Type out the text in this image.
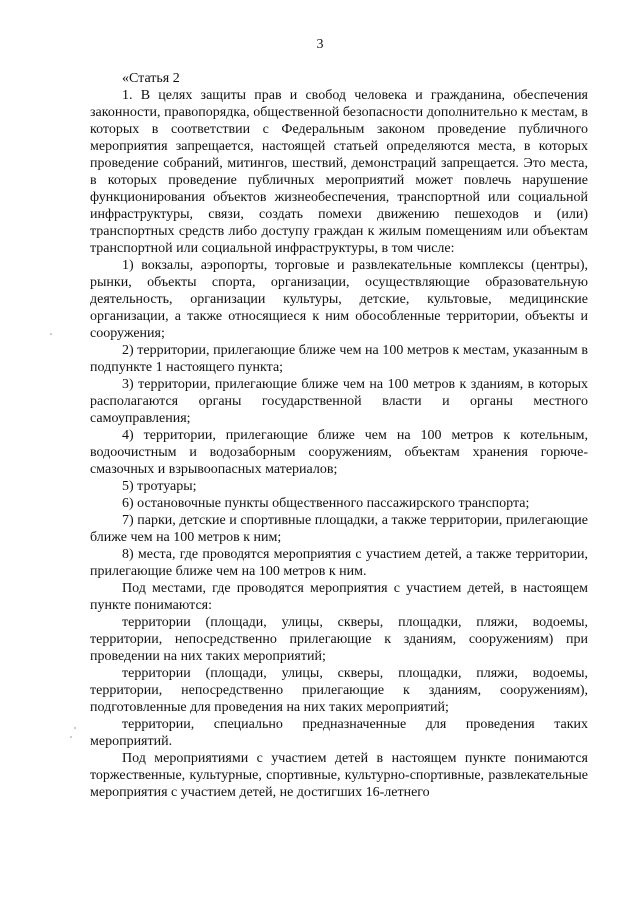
3

«Статья 2

1. В целях защиты прав и свобод человека и гражданина, обеспечения законности, правопорядка, общественной безопасности дополнительно к местам, в которых в соответствии с Федеральным законом проведение публичного мероприятия запрещается, настоящей статьей определяются места, в которых проведение собраний, митингов, шествий, демонстраций запрещается. Это места, в которых проведение публичных мероприятий может повлечь нарушение функционирования объектов жизнеобеспечения, транспортной или социальной инфраструктуры, связи, создать помехи движению пешеходов и (или) транспортных средств либо доступу граждан к жилым помещениям или объектам транспортной или социальной инфраструктуры, в том числе:

1) вокзалы, аэропорты, торговые и развлекательные комплексы (центры), рынки, объекты спорта, организации, осуществляющие образовательную деятельность, организации культуры, детские, культовые, медицинские организации, а также относящиеся к ним обособленные территории, объекты и сооружения;

2) территории, прилегающие ближе чем на 100 метров к местам, указанным в подпункте 1 настоящего пункта;

3) территории, прилегающие ближе чем на 100 метров к зданиям, в которых располагаются органы государственной власти и органы местного самоуправления;

4) территории, прилегающие ближе чем на 100 метров к котельным, водоочистным и водозаборным сооружениям, объектам хранения горюче-смазочных и взрывоопасных материалов;

5) тротуары;

6) остановочные пункты общественного пассажирского транспорта;

7) парки, детские и спортивные площадки, а также территории, прилегающие ближе чем на 100 метров к ним;

8) места, где проводятся мероприятия с участием детей, а также территории, прилегающие ближе чем на 100 метров к ним.

Под местами, где проводятся мероприятия с участием детей, в настоящем пункте понимаются:

территории (площади, улицы, скверы, площадки, пляжи, водоемы, территории, непосредственно прилегающие к зданиям, сооружениям) при проведении на них таких мероприятий;

территории (площади, улицы, скверы, площадки, пляжи, водоемы, территории, непосредственно прилегающие к зданиям, сооружениям), подготовленные для проведения на них таких мероприятий;

территории, специально предназначенные для проведения таких мероприятий.

Под мероприятиями с участием детей в настоящем пункте понимаются торжественные, культурные, спортивные, культурно-спортивные, развлекательные мероприятия с участием детей, не достигших 16-летнего
